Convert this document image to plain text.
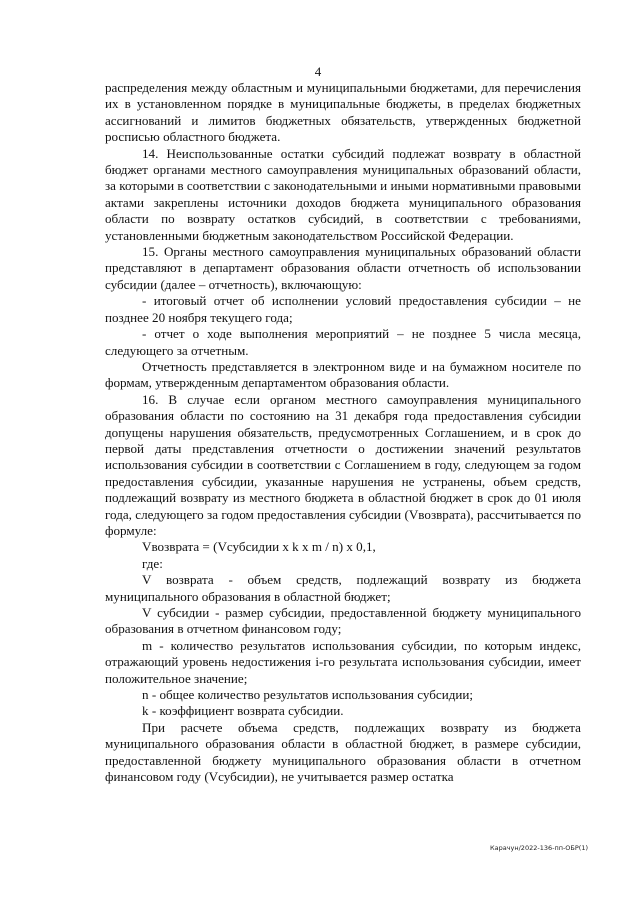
4

распределения между областным и муниципальными бюджетами, для перечисления их в установленном порядке в муниципальные бюджеты, в пределах бюджетных ассигнований и лимитов бюджетных обязательств, утвержденных бюджетной росписью областного бюджета.

14. Неиспользованные остатки субсидий подлежат возврату в областной бюджет органами местного самоуправления муниципальных образований области, за которыми в соответствии с законодательными и иными нормативными правовыми актами закреплены источники доходов бюджета муниципального образования области по возврату остатков субсидий, в соответствии с требованиями, установленными бюджетным законодательством Российской Федерации.

15. Органы местного самоуправления муниципальных образований области представляют в департамент образования области отчетность об использовании субсидии (далее – отчетность), включающую:

- итоговый отчет об исполнении условий предоставления субсидии – не позднее 20 ноября текущего года;

- отчет о ходе выполнения мероприятий – не позднее 5 числа месяца, следующего за отчетным.

Отчетность представляется в электронном виде и на бумажном носителе по формам, утвержденным департаментом образования области.

16. В случае если органом местного самоуправления муниципального образования области по состоянию на 31 декабря года предоставления субсидии допущены нарушения обязательств, предусмотренных Соглашением, и в срок до первой даты представления отчетности о достижении значений результатов использования субсидии в соответствии с Соглашением в году, следующем за годом предоставления субсидии, указанные нарушения не устранены, объем средств, подлежащий возврату из местного бюджета в областной бюджет в срок до 01 июля года, следующего за годом предоставления субсидии (Vвозврата), рассчитывается по формуле:

Vвозврата = (Vсубсидии x k x m / n) x 0,1,

где:

V возврата - объем средств, подлежащий возврату из бюджета муниципального образования в областной бюджет;

V субсидии - размер субсидии, предоставленной бюджету муниципального образования в отчетном финансовом году;

m - количество результатов использования субсидии, по которым индекс, отражающий уровень недостижения i-го результата использования субсидии, имеет положительное значение;

n - общее количество результатов использования субсидии;

k - коэффициент возврата субсидии.

При расчете объема средств, подлежащих возврату из бюджета муниципального образования области в областной бюджет, в размере субсидии, предоставленной бюджету муниципального образования области в отчетном финансовом году (Vсубсидии), не учитывается размер остатка

Карачун/2022-136-пп-ОБР(1)
